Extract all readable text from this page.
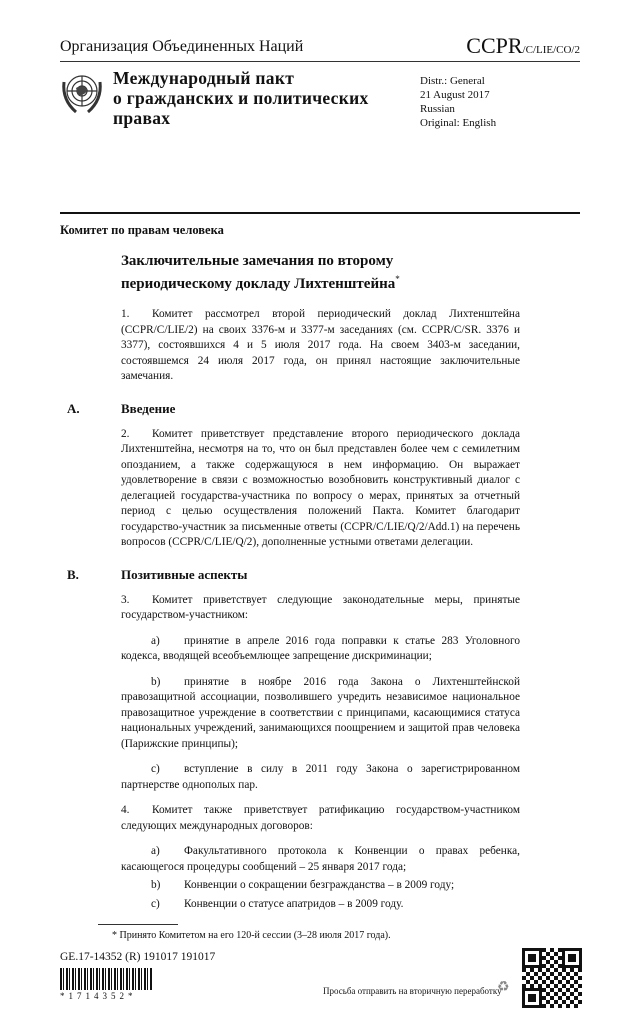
Организация Объединенных Наций	CCPR/C/LIE/CO/2
Международный пакт
о гражданских и политических
правах
Distr.: General
21 August 2017
Russian
Original: English
Комитет по правам человека
Заключительные замечания по второму
периодическому докладу Лихтенштейна*
1. Комитет рассмотрел второй периодический доклад Лихтенштейна (CCPR/C/LIE/2) на своих 3376-м и 3377-м заседаниях (см. CCPR/C/SR. 3376 и 3377), состоявшихся 4 и 5 июля 2017 года. На своем 3403-м заседании, состоявшемся 24 июля 2017 года, он принял настоящие заключительные замечания.
A.	Введение
2. Комитет приветствует представление второго периодического доклада Лихтенштейна, несмотря на то, что он был представлен более чем с семилетним опозданием, а также содержащуюся в нем информацию. Он выражает удовлетворение в связи с возможностью возобновить конструктивный диалог с делегацией государства-участника по вопросу о мерах, принятых за отчетный период с целью осуществления положений Пакта. Комитет благодарит государство-участник за письменные ответы (CCPR/C/LIE/Q/2/Add.1) на перечень вопросов (CCPR/C/LIE/Q/2), дополненные устными ответами делегации.
B.	Позитивные аспекты
3. Комитет приветствует следующие законодательные меры, принятые государством-участником:
a) принятие в апреле 2016 года поправки к статье 283 Уголовного кодекса, вводящей всеобъемлющее запрещение дискриминации;
b) принятие в ноябре 2016 года Закона о Лихтенштейнской правозащитной ассоциации, позволившего учредить независимое национальное правозащитное учреждение в соответствии с принципами, касающимися статуса национальных учреждений, занимающихся поощрением и защитой прав человека (Парижские принципы);
c) вступление в силу в 2011 году Закона о зарегистрированном партнерстве однополых пар.
4. Комитет также приветствует ратификацию государством-участником следующих международных договоров:
a) Факультативного протокола к Конвенции о правах ребенка, касающегося процедуры сообщений – 25 января 2017 года;
b) Конвенции о сокращении безгражданства – в 2009 году;
c) Конвенции о статусе апатридов – в 2009 году.
* Принято Комитетом на его 120-й сессии (3–28 июля 2017 года).
GE.17-14352 (R) 191017 191017
*1714352*	Просьба отправить на вторичную переработку
♻
